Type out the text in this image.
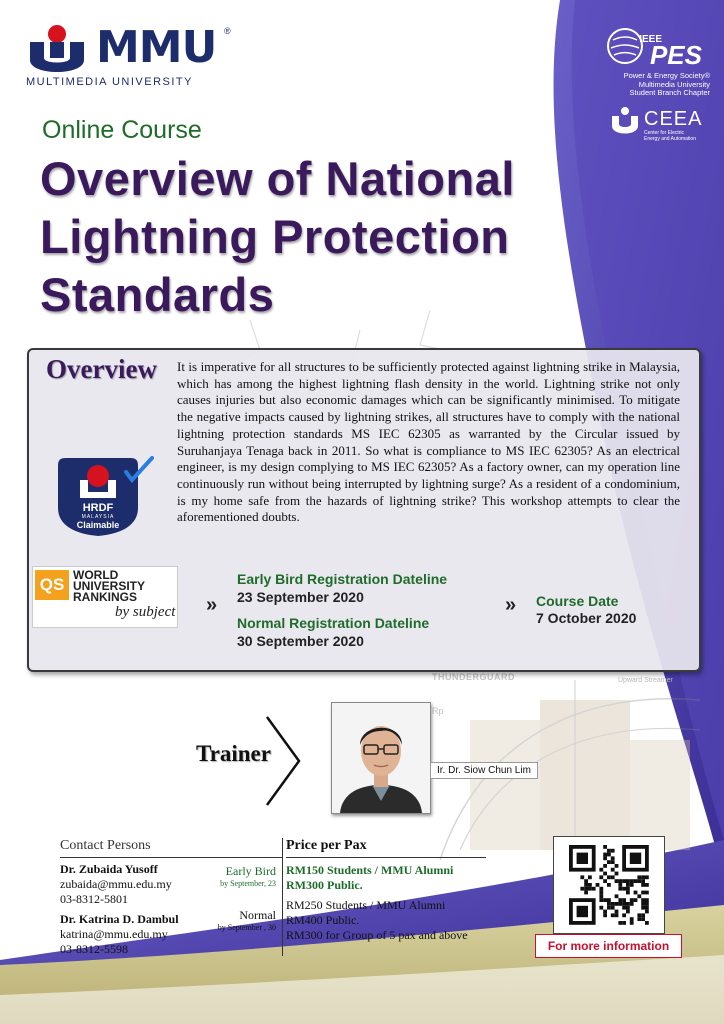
THUNDERGUARD	Upward Streamer
Rp
MMU ®
MULTIMEDIA UNIVERSITY
IEEE
PES
Power & Energy Society®
Multimedia University
Student Branch Chapter
CEEA
Center for Electric
Energy and Automation
Online Course
Overview of National
Lightning Protection
Standards
Overview It is imperative for all structures to be sufficiently protected against lightning strike in Malaysia, which has among the highest lightning flash density in the world. Lightning strike not only causes injuries but also economic damages which can be significantly minimised. To mitigate the negative impacts caused by lightning strikes, all structures have to comply with the national lightning protection standards MS IEC 62305 as warranted by the Circular issued by Suruhanjaya Tenaga back in 2011. So what is compliance to MS IEC 62305? As an electrical engineer, is my design complying to MS IEC 62305? As a factory owner, can my operation line continuously run without being interrupted by lightning surge? As a resident of a condominium, is my home safe from the hazards of lightning strike? This workshop attempts to clear the aforementioned doubts.
HRDF
MALAYSIA
Claimable
QS WORLD
UNIVERSITY
RANKINGS
by subject »
Early Bird Registration Dateline
23 September 2020
Normal Registration Dateline
30 September 2020
» Course Date
7 October 2020
Trainer
Ir. Dr. Siow Chun Lim
Contact Persons
Dr. Zubaida Yusoff
zubaida@mmu.edu.my
03-8312-5801
Dr. Katrina D. Dambul
katrina@mmu.edu.my
03-8312-5598
Price per Pax
Early Bird
by September, 23
RM150 Students / MMU Alumni
RM300 Public.
Normal
by September , 30
RM250 Students / MMU Alumni
RM400 Public.
RM300 for Group of 5 pax and above
For more information
